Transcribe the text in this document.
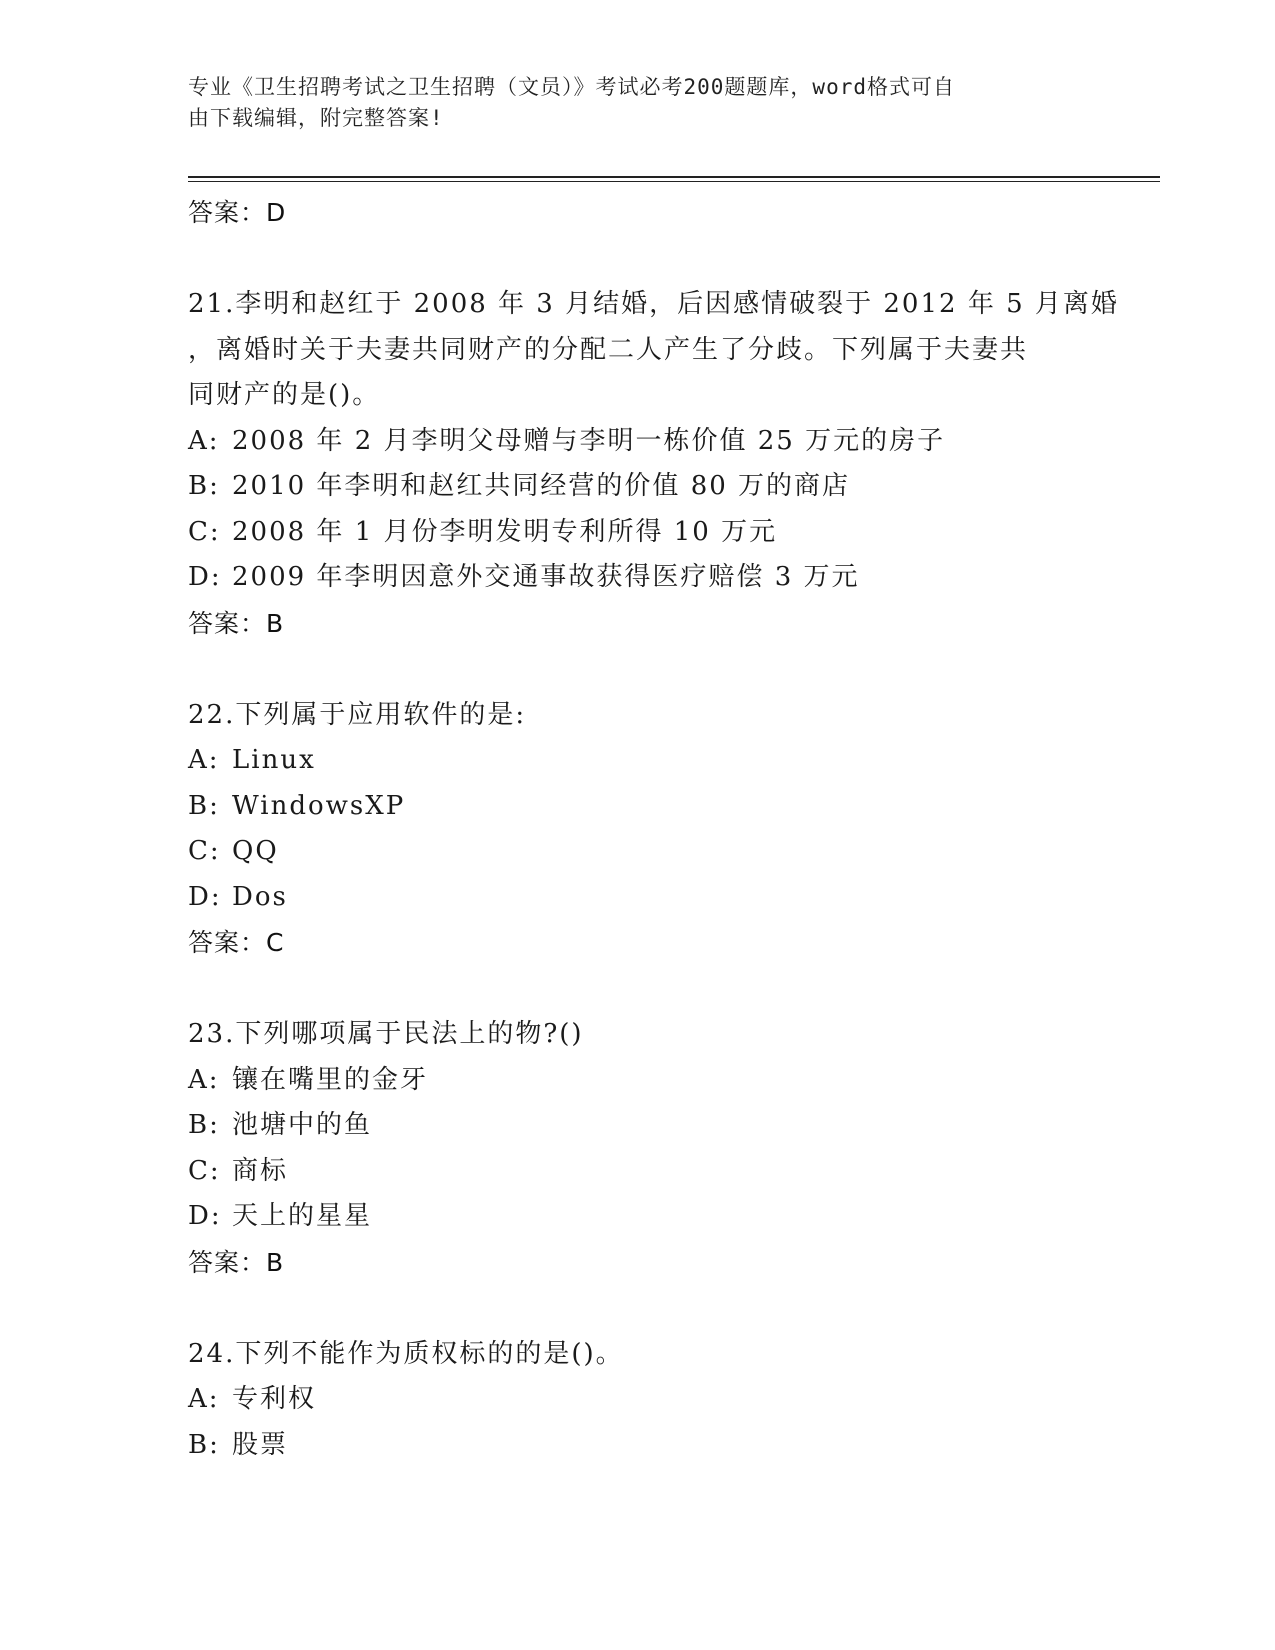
专业《卫生招聘考试之卫生招聘（文员）》考试必考200题题库，word格式可自
由下载编辑，附完整答案!
答案：D
21.李明和赵红于 2008 年 3 月结婚，后因感情破裂于 2012 年 5 月离婚
，离婚时关于夫妻共同财产的分配二人产生了分歧。下列属于夫妻共
同财产的是()。
A: 2008 年 2 月李明父母赠与李明一栋价值 25 万元的房子
B: 2010 年李明和赵红共同经营的价值 80 万的商店
C: 2008 年 1 月份李明发明专利所得 10 万元
D: 2009 年李明因意外交通事故获得医疗赔偿 3 万元
答案：B
22.下列属于应用软件的是:
A: Linux
B: WindowsXP
C: QQ
D: Dos
答案：C
23.下列哪项属于民法上的物?()
A: 镶在嘴里的金牙
B: 池塘中的鱼
C: 商标
D: 天上的星星
答案：B
24.下列不能作为质权标的的是()。
A: 专利权
B: 股票
